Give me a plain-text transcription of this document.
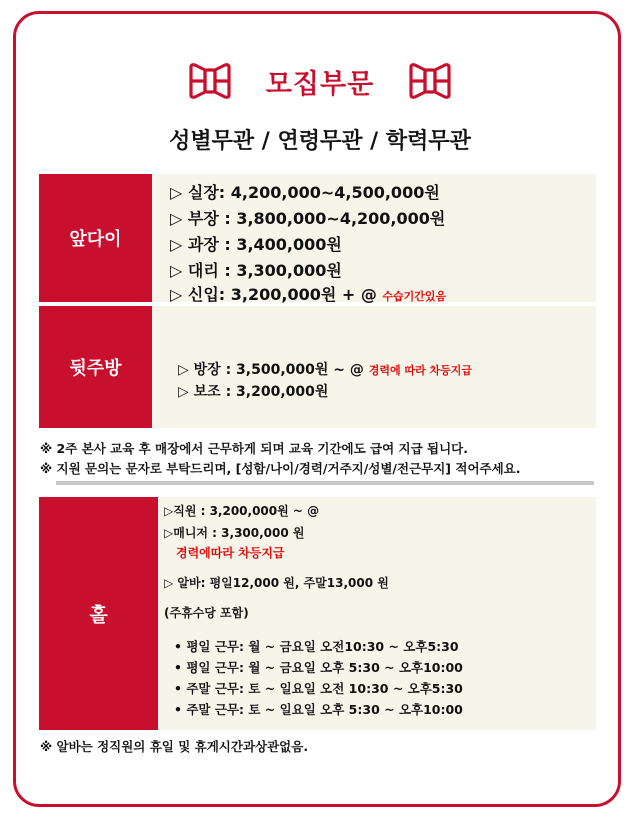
모집부문
성별무관 / 연령무관 / 학력무관
앞다이
▷ 실장: 4,200,000~4,500,000원
▷ 부장 : 3,800,000~4,200,000원
▷ 과장 : 3,400,000원
▷ 대리 : 3,300,000원
▷ 신입: 3,200,000원 + @ 수습기간있음
뒷주방	▷ 방장 : 3,500,000원 ~ @ 경력에 따라 차등지급
▷ 보조 : 3,200,000원
※ 2주 본사 교육 후 매장에서 근무하게 되며 교육 기간에도 급여 지급 됩니다.
※ 지원 문의는 문자로 부탁드리며, [성함/나이/경력/거주지/성별/전근무지] 적어주세요.
홀
▷직원 : 3,200,000원 ~ @
▷매니저 : 3,300,000 원
경력에따라 차등지급
▷ 알바: 평일12,000 원, 주말13,000 원
(주휴수당 포함)
• 평일 근무: 월 ~ 금요일 오전10:30 ~ 오후5:30
• 평일 근무: 월 ~ 금요일 오후 5:30 ~ 오후10:00
• 주말 근무: 토 ~ 일요일 오전 10:30 ~ 오후5:30
• 주말 근무: 토 ~ 일요일 오후 5:30 ~ 오후10:00
※ 알바는 정직원의 휴일 및 휴게시간과상관없음.
